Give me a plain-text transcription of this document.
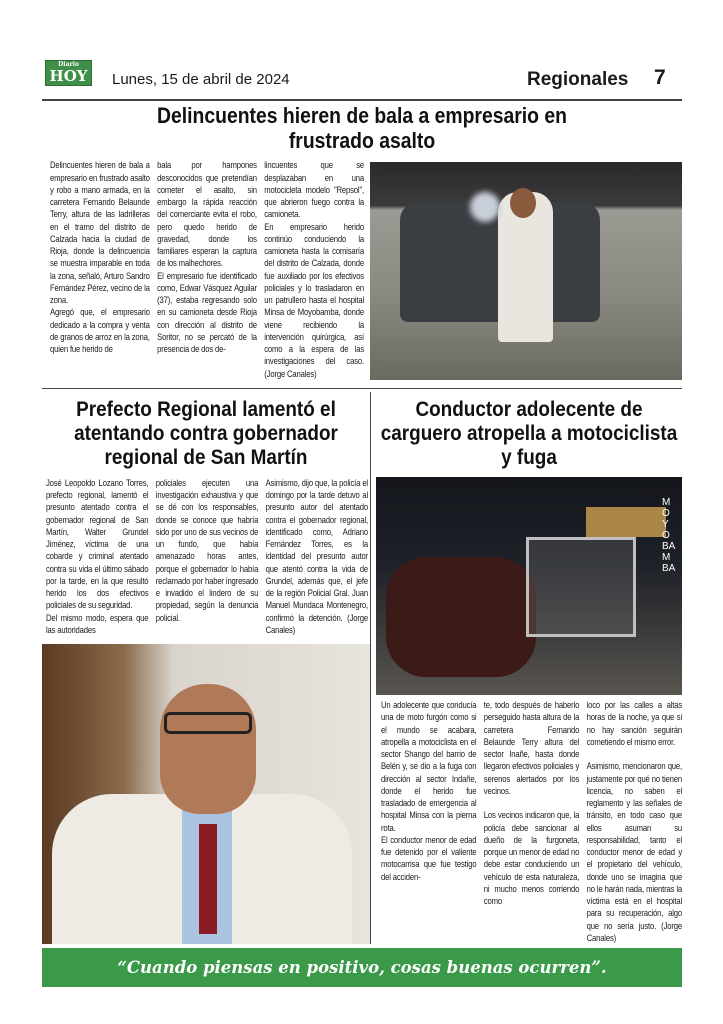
Diario
HOY Lunes, 15 de abril de 2024	Regionales 7
Delincuentes hieren de bala a empresario en frustrado asalto
Delincuentes hieren de bala a empresario en frustrado asalto y robo a mano armada, en la carretera Fernando Belaunde Terry, altura de las ladrilleras en el tramo del distrito de Calzada hacia la ciudad de Rioja, donde la delincuencia se muestra imparable en toda la zona, señaló, Arturo Sandro Fernández Pérez, vecino de la zona.
Agregó que, el empresario dedicado a la compra y venta de granos de arroz en la zona, quien fue herido de
bala por hampones desconocidos que pretendían cometer el asalto, sin embargo la rápida reacción del comerciante evita el robo, pero quedo herido de gravedad, donde los familiares esperan la captura de los malhechores.
El empresario fue identificado como, Edwar Vásquez Aguilar (37), estaba regresando solo en su camioneta desde Rioja con dirección al distrito de Soritor, no se percató de la presencia de dos de-
lincuentes que se desplazaban en una motocicleta modelo "Repsol", que abrieron fuego contra la camioneta.
En empresario herido continúo conduciendo la camioneta hasta la comisaría del distrito de Calzada, donde fue auxiliado por los efectivos policiales y lo trasladaron en un patrullero hasta el hospital Minsa de Moyobamba, donde viene recibiendo la intervención quirúrgica, así como a la espera de las investigaciones del caso. (Jorge Canales)
Prefecto Regional lamentó el atentando contra gobernador regional de San Martín
José Leopoldo Lozano Torres, prefecto regional, lamentó el presunto atentado contra el gobernador regional de San Martín, Walter Grundel Jiménez, víctima de una cobarde y criminal atentado contra su vida el último sábado por la tarde, en la que resultó herido los dos efectivos policiales de su seguridad.
Del mismo modo, espera que las autoridades
policiales ejecuten una investigación exhaustiva y que se dé con los responsables, donde se conoce que habría sido por uno de sus vecinos de un fundo, que había amenazado horas antes, porque el gobernador lo había reclamado por haber ingresado e invadido el lindero de su propiedad, según la denuncia policial.
Asimismo, dijo que, la policía el domingo por la tarde detuvo al presunto autor del atentado contra el gobernador regional, identificado como, Adriano Fernández Torres, es la identidad del presunto autor que atentó contra la vida de Grundel, además que, el jefe de la región Policial Gral. Juan Manuel Mundaca Montenegro, confirmó la detención. (Jorge Canales)
Conductor adolecente de carguero atropella a motociclista y fuga
MOYOBAMBA
Un adolecente que conducía una de moto furgón como si el mundo se acabara, atropella a motociclista en el sector Shango del barrio de Belén y, se dio a la fuga con dirección al sector Indañe, donde el herido fue trasladado de emergencia al hospital Minsa con la pierna rota.
El conductor menor de edad fue detenido por el valiente motocarrisa que fue testigo del acciden-
te, todo después de haberlo perseguido hasta altura de la carretera Fernando Belaunde Terry altura del sector Inañe, hasta donde llegaron efectivos policiales y serenos alertados por los vecinos.

Los vecinos indicaron que, la policía debe sancionar al dueño de la furgoneta, porque un menor de edad no debe estar conduciendo un vehículo de esta naturaleza, ni mucho menos corriendo como
loco por las calles a altas horas de la noche, ya que si no hay sanción seguirán cometiendo el mismo error.

Asimismo, mencionaron que, justamente por qué no tienen licencia, no saben el reglamento y las señales de tránsito, en todo caso que ellos asuman su responsabilidad, tanto el conductor menor de edad y el propietario del vehículo, donde uno se imagina que no le harán nada, mientras la víctima está en el hospital para su recuperación, algo que no sería justo. (Jorge Canales)
“Cuando piensas en positivo, cosas buenas ocurren”.
